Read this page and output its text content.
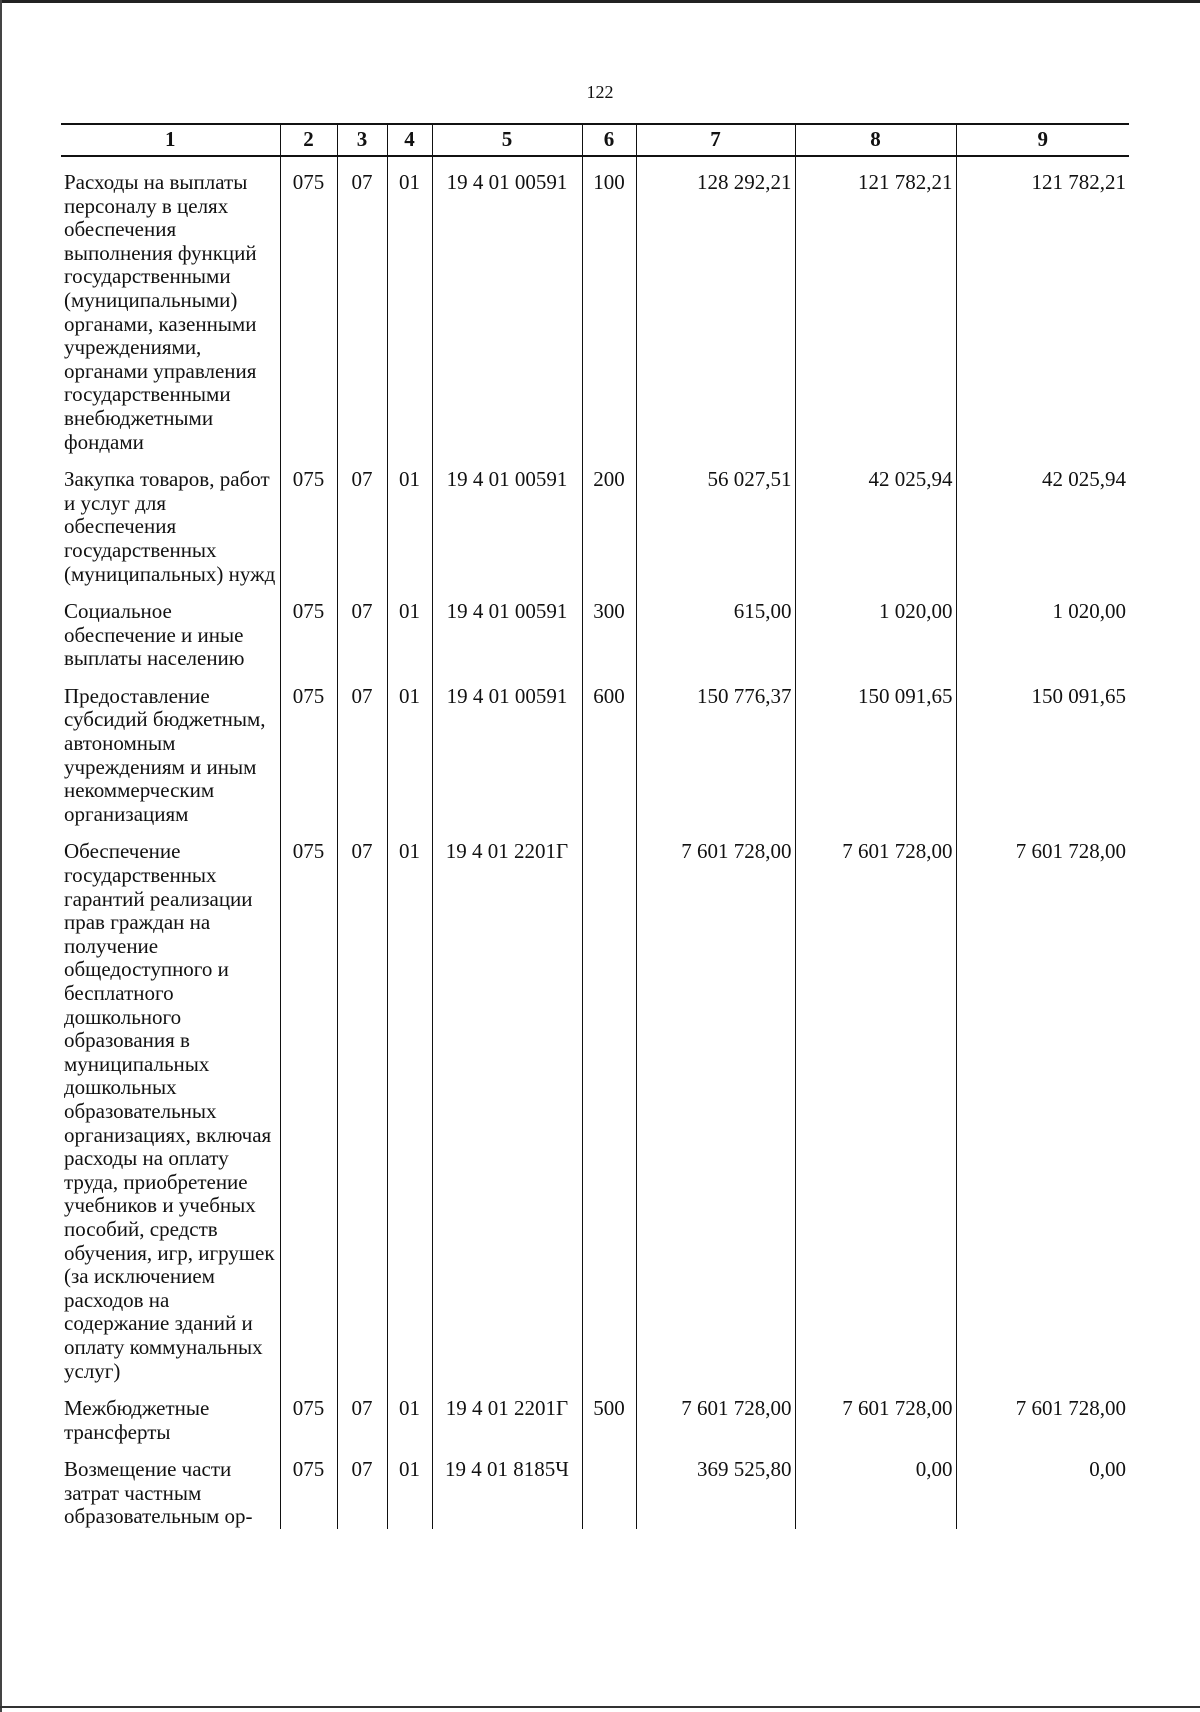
122
1	2	3	4	5	6	7	8	9

Расходы на выплаты персоналу в целях обеспечения выполнения функций государственными (муниципальными) органами, казенными учреждениями, органами управления государственными внебюджетными фондами	075	07	01	19 4 01 00591	100	128 292,21	121 782,21	121 782,21

Закупка товаров, работ и услуг для обеспечения государственных (муниципальных) нужд	075	07	01	19 4 01 00591	200	56 027,51	42 025,94	42 025,94

Социальное обеспечение и иные выплаты населению	075	07	01	19 4 01 00591	300	615,00	1 020,00	1 020,00

Предоставление субсидий бюджетным, автономным учреждениям и иным некоммерческим организациям	075	07	01	19 4 01 00591	600	150 776,37	150 091,65	150 091,65

Обеспечение государственных гарантий реализации прав граждан на получение общедоступного и бесплатного дошкольного образования в муниципальных дошкольных образовательных организациях, включая расходы на оплату труда, приобретение учебников и учебных пособий, средств обучения, игр, игрушек (за исключением расходов на содержание зданий и оплату коммунальных услуг)	075	07	01	19 4 01 2201Г		7 601 728,00	7 601 728,00	7 601 728,00

Межбюджетные трансферты	075	07	01	19 4 01 2201Г	500	7 601 728,00	7 601 728,00	7 601 728,00

Возмещение части затрат частным образовательным ор-	075	07	01	19 4 01 8185Ч		369 525,80	0,00	0,00
